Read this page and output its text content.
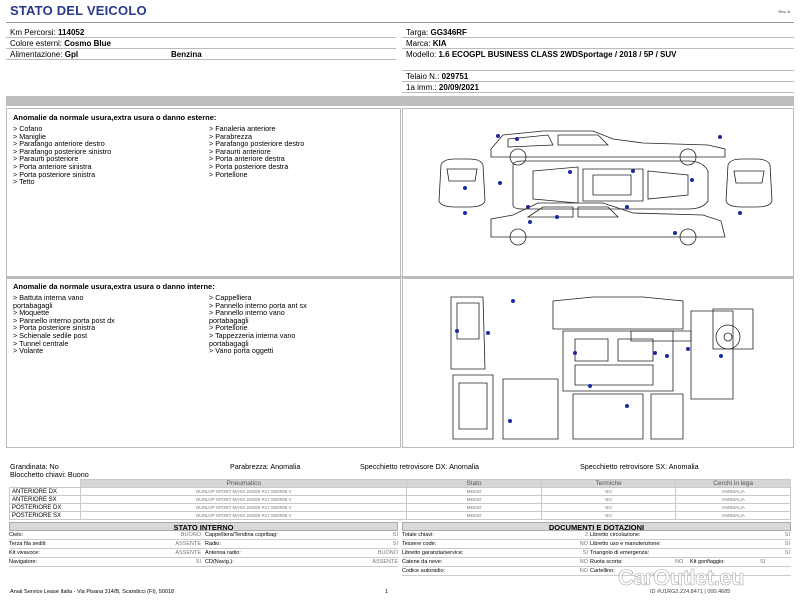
STATO DEL VEICOLO	Rev. A
Km Percorsi: 114052
Colore esterni: Cosmo Blue
Alimentazione: Gpl	Benzina
Targa: GG346RF
Marca: KIA
Modello: 1.6 ECOGPL BUSINESS CLASS 2WDSportage / 2018 / 5P / SUV
Telaio N.: 029751
1a imm.: 20/09/2021
Anomalie da normale usura,extra usura o danno esterne:
> Cofano
> Maniglie
> Parafango anteriore destro
> Parafango posteriore sinistro
> Paraurti posteriore
> Porta anteriore sinistra
> Porta posteriore sinistra
> Tetto
> Fanaleria anteriore
> Parabrezza
> Parafango posteriore destro
> Paraurti anteriore
> Porta anteriore destra
> Porta posteriore destra
> Portellone
Anomalie da normale usura,extra usura o danno interne:
> Battuta interna vano
portabagagli
> Moquette
> Pannello interno porta post dx
> Porta posteriore sinistra
> Schienale sedile post
> Tunnel centrale
> Volante
> Cappelliera
> Pannello interno porta ant sx
> Pannello interno vano
portabagagli
> Portellone
> Tappezzeria interna vano
portabagagli
> Vano porta oggetti
Grandinata: No
Blocchetto chiavi: Buono
Parabrezza: Anomalia	Specchietto retrovisore DX: Anomalia	Specchietto retrovisore SX: Anomalia
	Pneumatico	Stato	Termiche	Cerchi in lega
ANTERIORE DX	DUNLOP SPORT MAXX 225/60 R17 000/099 V	MEDIO	NO	ANOMALIA
ANTERIORE SX	DUNLOP SPORT MAXX 225/60 R17 000/099 V	MEDIO	NO	ANOMALIA
POSTERIORE DX	DUNLOP SPORT MAXX 225/60 R17 000/099 V	MEDIO	NO	ANOMALIA
POSTERIORE SX	DUNLOP SPORT MAXX 225/60 R17 000/099 V	MEDIO	NO	ANOMALIA
STATO INTERNO
Cielo:	BUONO Cappelliera/Tendina copribag:	SI
Terza fila sedili:	ASSENTE Radio:	SI
Kit vivavoce:	ASSENTE Antenna radio:	BUONO
Navigatore:	SI CD(Navig.):	ASSENTE
DOCUMENTI E DOTAZIONI
Totale chiavi:	2 Libretto circolazione:	SI
Tessere code:	NO Libretto uso e manutenzione:	SI
Libretto garanzia/service:	SI Triangolo di emergenza:	SI
Catene da neve:	NO Ruota scorta:	NO	Kit gonfiaggio:	SI
Codice autoradio:	NO Cartellino:
Arval Service Lease Italia - Via Pisana 314/B, Scandicci (FI), 50018	1	ID #U1RG2.224.8471 | 000.4685
CarOutlet.eu
